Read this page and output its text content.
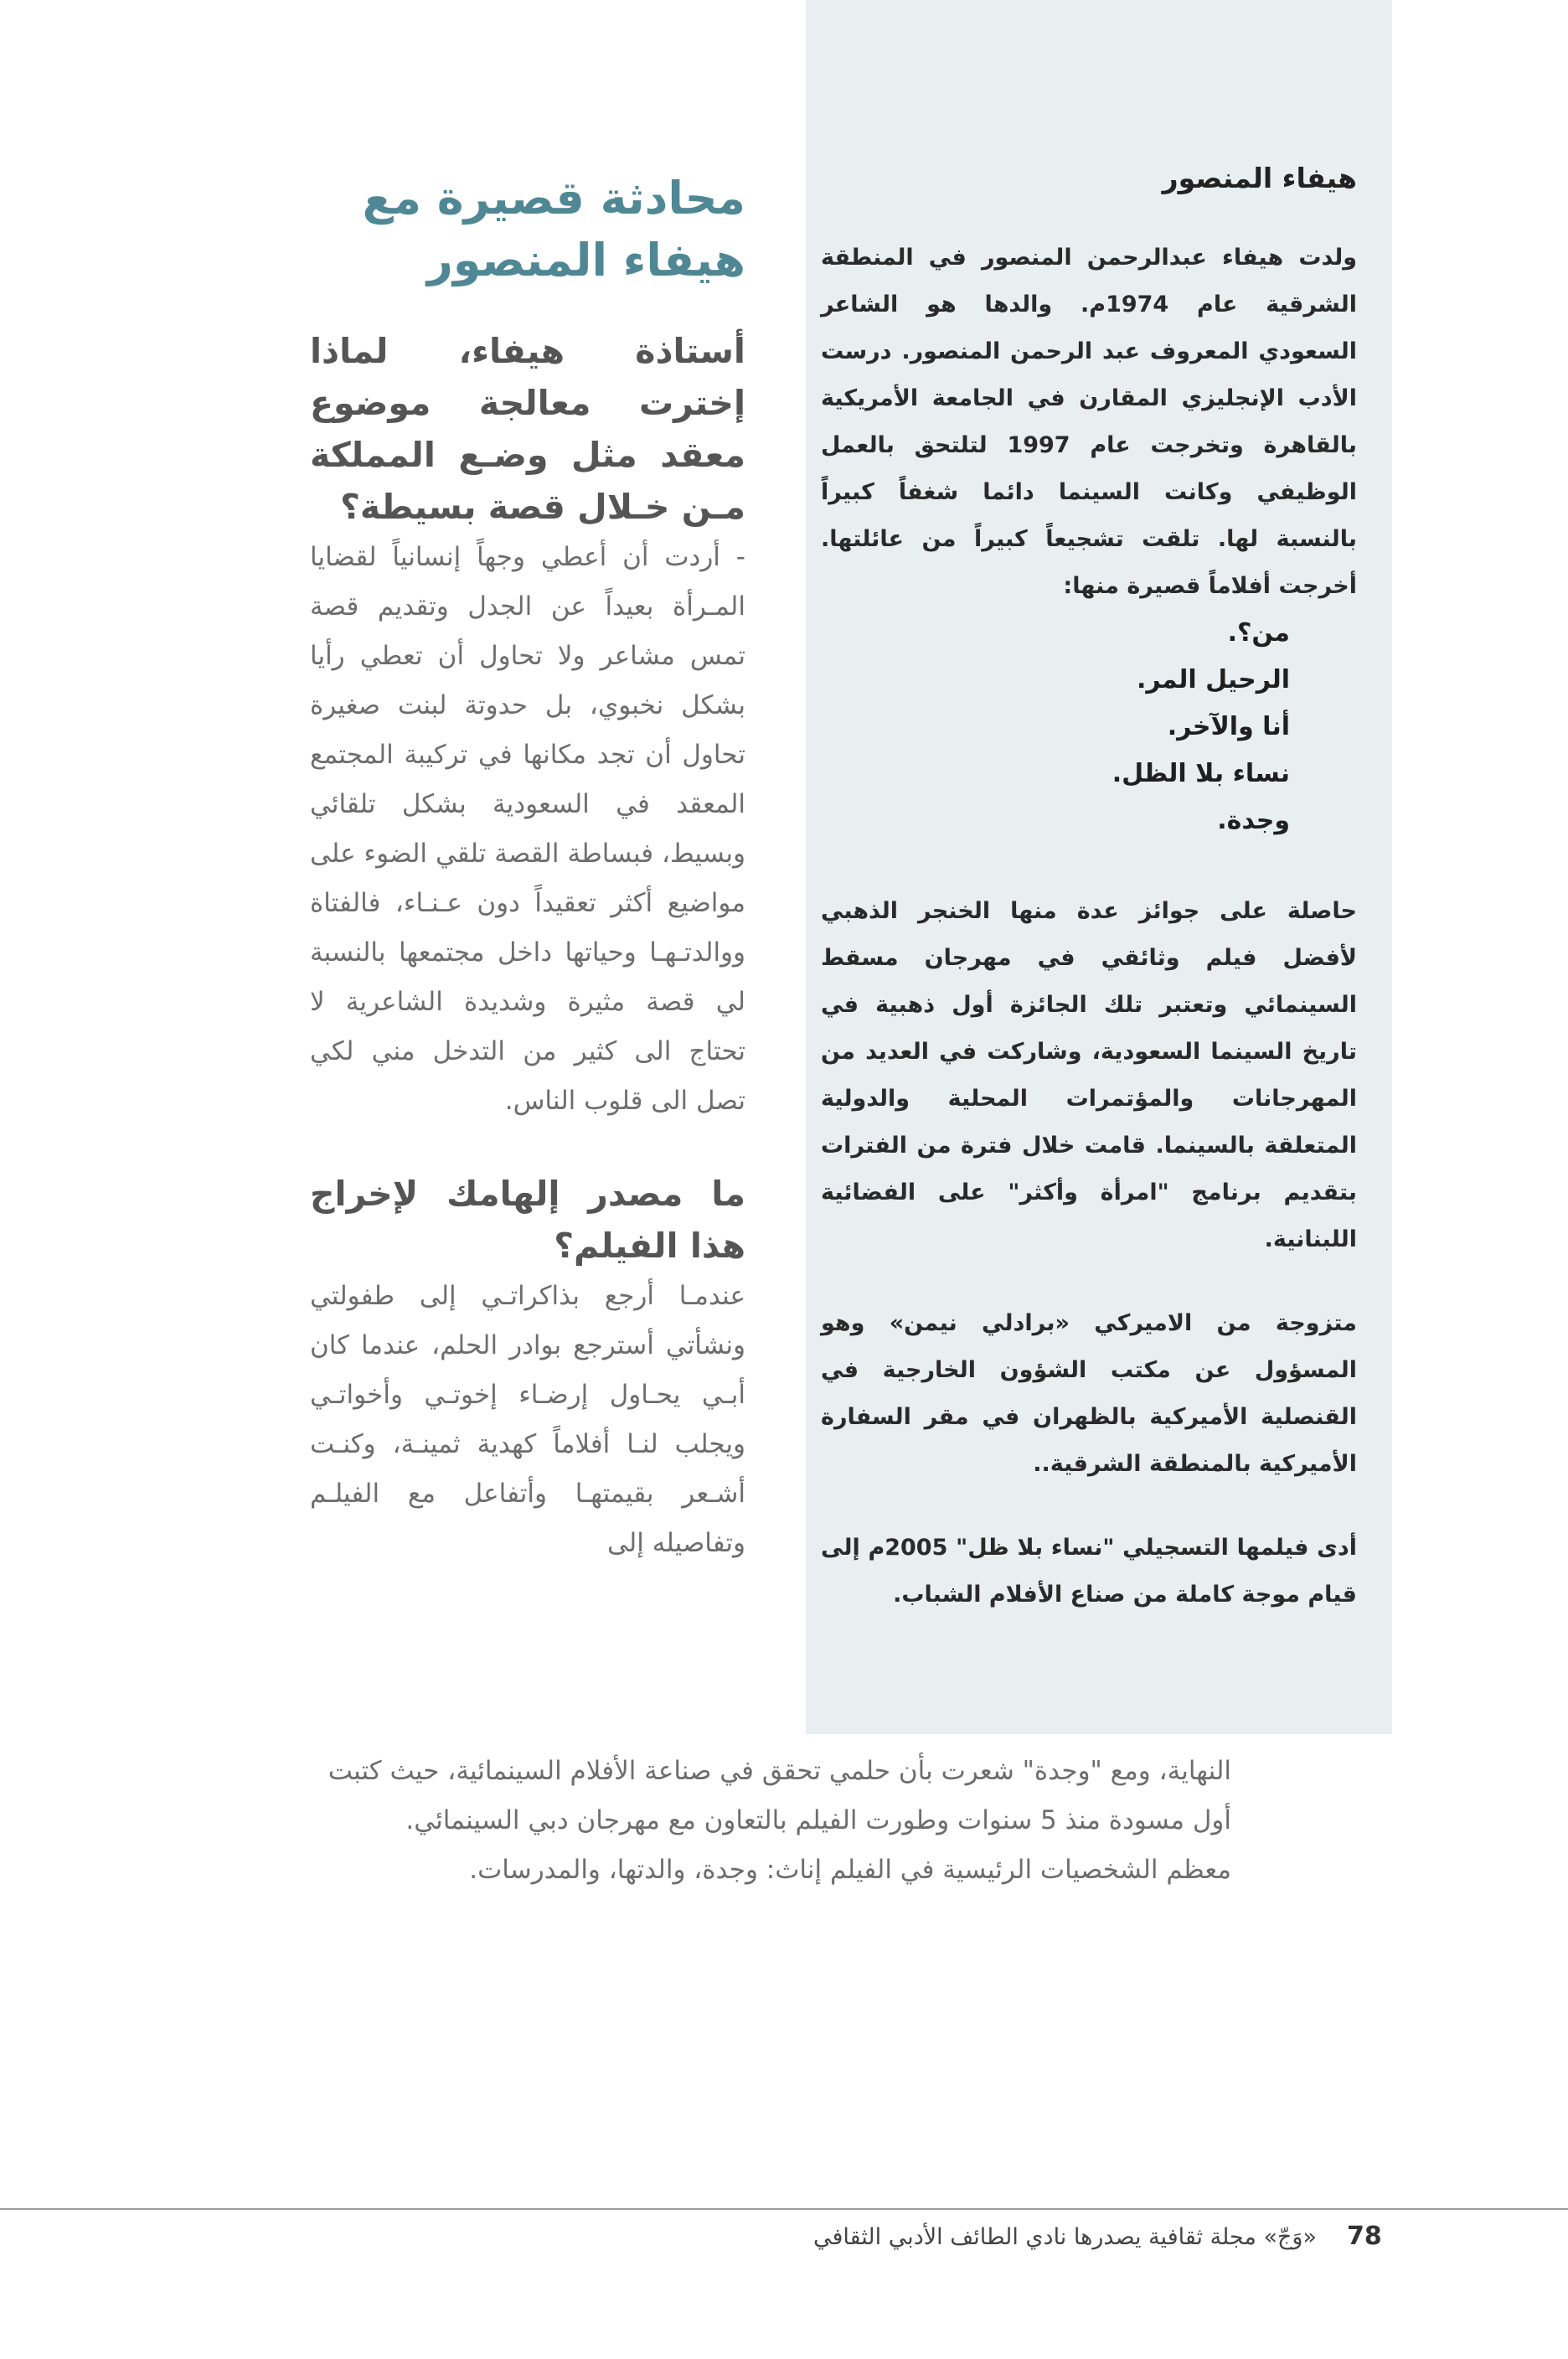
هيفاء المنصور

ولدت هيفاء عبدالرحمن المنصور في المنطقة الشرقية عام 1974م. والدها هو الشاعر السعودي المعروف عبد الرحمن المنصور. درست الأدب الإنجليزي المقارن في الجامعة الأمريكية بالقاهرة وتخرجت عام 1997 لتلتحق بالعمل الوظيفي وكانت السينما دائما شغفاً كبيراً بالنسبة لها. تلقت تشجيعاً كبيراً من عائلتها. أخرجت أفلاماً قصيرة منها:

من؟.
الرحيل المر.
أنا والآخر.
نساء بلا الظل.
وجدة.

حاصلة على جوائز عدة منها الخنجر الذهبي لأفضل فيلم وثائقي في مهرجان مسقط السينمائي وتعتبر تلك الجائزة أول ذهبية في تاريخ السينما السعودية، وشاركت في العديد من المهرجانات والمؤتمرات المحلية والدولية المتعلقة بالسينما. قامت خلال فترة من الفترات بتقديم برنامج "امرأة وأكثر" على الفضائية اللبنانية.

متزوجة من الاميركي «برادلي نيمن» وهو المسؤول عن مكتب الشؤون الخارجية في القنصلية الأميركية بالظهران في مقر السفارة الأميركية بالمنطقة الشرقية..

أدى فيلمها التسجيلي "نساء بلا ظل" 2005م إلى قيام موجة كاملة من صناع الأفلام الشباب.

محادثة قصيرة مع هيفاء المنصور
أستاذة هيفاء، لماذا إخترت معالجة موضوع معقد مثل وضـع المملكة مـن خـلال قصة بسيطة؟

- أردت أن أعطي وجهاً إنسانياً لقضايا المـرأة بعيداً عن الجدل وتقديم قصة تمس مشاعر ولا تحاول أن تعطي رأيا بشكل نخبوي، بل حدوتة لبنت صغيرة تحاول أن تجد مكانها في تركيبة المجتمع المعقد في السعودية بشكل تلقائي وبسيط، فبساطة القصة تلقي الضوء على مواضيع أكثر تعقيداً دون عـنـاء، فالفتاة ووالدتـهـا وحياتها داخل مجتمعها بالنسبة لي قصة مثيرة وشديدة الشاعرية لا تحتاج الى كثير من التدخل مني لكي تصل الى قلوب الناس.

ما مصدر إلهامك لإخراج هذا الفيلم؟

عندمـا أرجع بذاكراتـي إلى طفولتي ونشأتي أسترجع بوادر الحلم، عندما كان أبـي يحـاول إرضـاء إخوتـي وأخواتـي ويجلب لنـا أفلاماً كهدية ثمينـة، وكنـت أشـعر بقيمتهـا وأتفاعل مع الفيلـم وتفاصيله إلى

النهاية، ومع "وجدة" شعرت بأن حلمي تحقق في صناعة الأفلام السينمائية، حيث كتبت أول مسودة منذ 5 سنوات وطورت الفيلم بالتعاون مع مهرجان دبي السينمائي.

معظم الشخصيات الرئيسية في الفيلم إناث: وجدة، والدتها، والمدرسات.

«وَجّ» مجلة ثقافية يصدرها نادي الطائف الأدبي الثقافي 78
